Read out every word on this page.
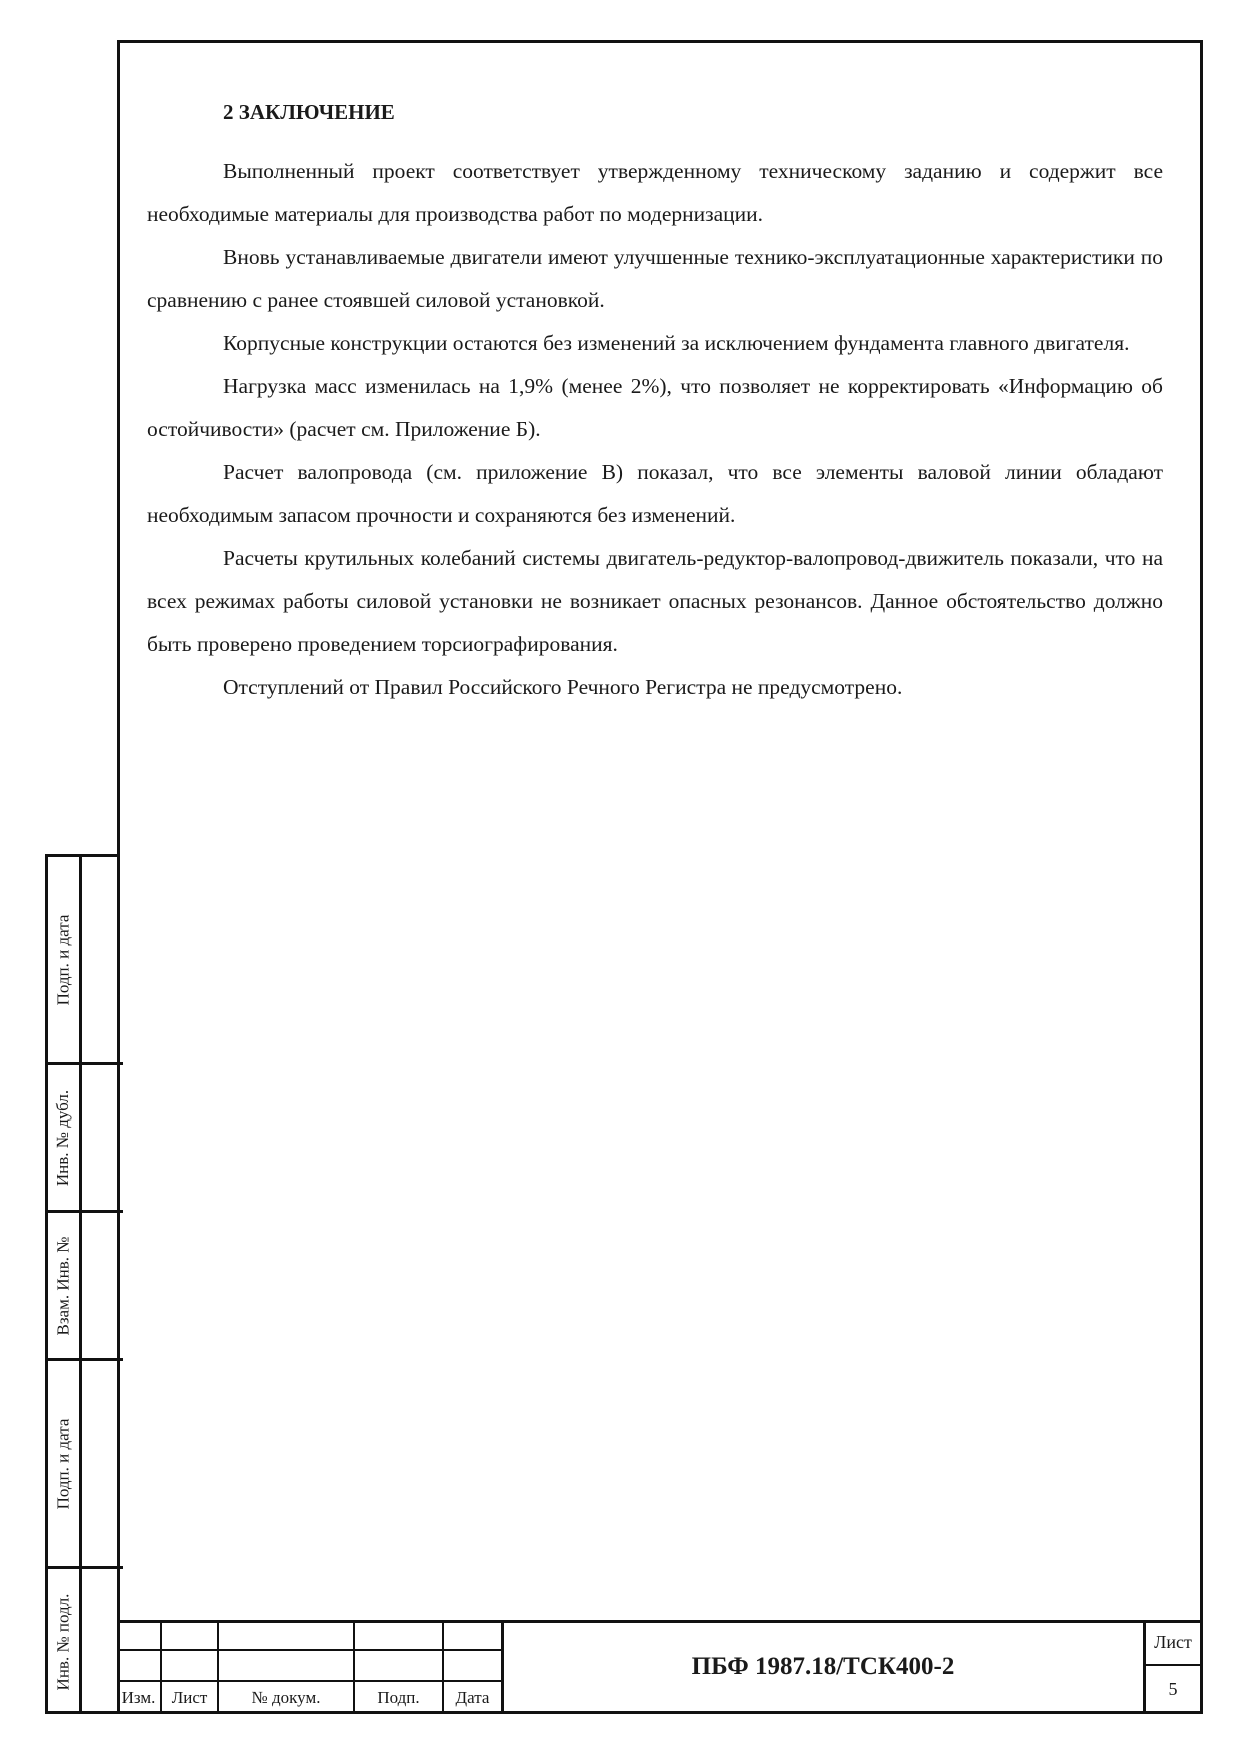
2 ЗАКЛЮЧЕНИЕ

Выполненный проект соответствует утвержденному техническому заданию и содержит все необходимые материалы для производства работ по модернизации.

Вновь устанавливаемые двигатели имеют улучшенные технико-эксплуатационные характеристики по сравнению с ранее стоявшей силовой установкой.

Корпусные конструкции остаются без изменений за исключением фундамента главного двигателя.

Нагрузка масс изменилась на 1,9% (менее 2%), что позволяет не корректировать «Информацию об остойчивости» (расчет см. Приложение Б).

Расчет валопровода (см. приложение В) показал, что все элементы валовой линии обладают необходимым запасом прочности и сохраняются без изменений.

Расчеты крутильных колебаний системы двигатель-редуктор-валопровод-движитель показали, что на всех режимах работы силовой установки не возникает опасных резонансов. Данное обстоятельство должно быть проверено проведением торсиографирования.

Отступлений от Правил Российского Речного Регистра не предусмотрено.

Подп. и дата
Инв. № дубл.
Взам. Инв. №
Подп. и дата
Инв. № подл.
Изм. Лист	№ докум.	Подп.	Дата
ПБФ 1987.18/ТСК400-2
Лист
5
